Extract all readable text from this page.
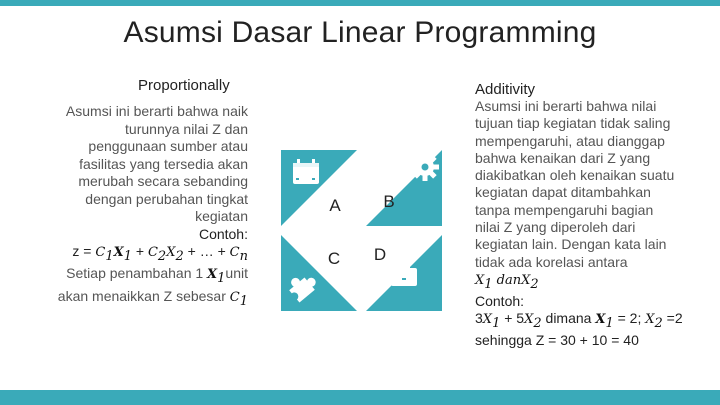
Asumsi Dasar Linear Programming
Proportionally	Additivity
Asumsi ini berarti bahwa naik
turunnya nilai Z dan
penggunaan sumber atau
fasilitas yang tersedia akan
merubah secara sebanding
dengan perubahan tingkat
kegiatan
Contoh:
$z = C_1X_1 + C_2X_2$ + … + $C_n$
Setiap penambahan 1 $X_1unit$
akan menaikkan Z sebesar $C_1$
A	B
C D
Asumsi ini berarti bahwa nilai
tujuan tiap kegiatan tidak saling
mempengaruhi, atau dianggap
bahwa kenaikan dari Z yang
diakibatkan oleh kenaikan suatu
kegiatan dapat ditambahkan
tanpa mempengaruhi bagian
nilai Z yang diperoleh dari
kegiatan lain. Dengan kata lain
tidak ada korelasi antara
$X_1$ danX$_2$
Contoh:
$3X_1 + 5X_2$ dimana $X_1 = 2$; $X_2 =2$
sehingga Z = 30 + 10 = 40
